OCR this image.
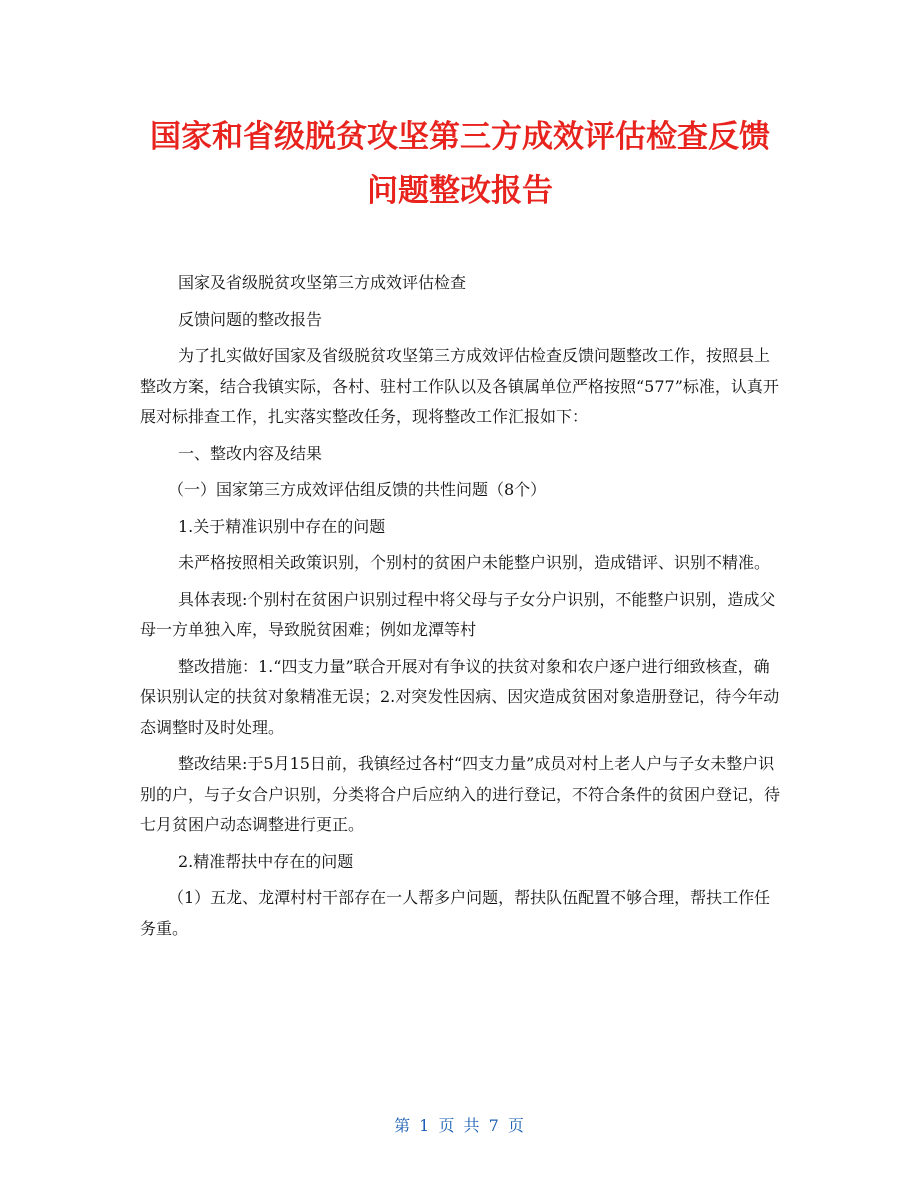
国家和省级脱贫攻坚第三方成效评估检查反馈
问题整改报告

国家及省级脱贫攻坚第三方成效评估检查

反馈问题的整改报告

为了扎实做好国家及省级脱贫攻坚第三方成效评估检查反馈问题整改工作，按照县上整改方案，结合我镇实际，各村、驻村工作队以及各镇属单位严格按照“577”标准，认真开展对标排查工作，扎实落实整改任务，现将整改工作汇报如下：

一、整改内容及结果

（一）国家第三方成效评估组反馈的共性问题（8个）

1.关于精准识别中存在的问题

未严格按照相关政策识别，个别村的贫困户未能整户识别，造成错评、识别不精准。

具体表现:个别村在贫困户识别过程中将父母与子女分户识别，不能整户识别，造成父母一方单独入库，导致脱贫困难；例如龙潭等村

整改措施：1.“四支力量”联合开展对有争议的扶贫对象和农户逐户进行细致核查，确保识别认定的扶贫对象精准无误；2.对突发性因病、因灾造成贫困对象造册登记，待今年动态调整时及时处理。

整改结果:于5月15日前，我镇经过各村“四支力量”成员对村上老人户与子女未整户识别的户，与子女合户识别，分类将合户后应纳入的进行登记，不符合条件的贫困户登记，待七月贫困户动态调整进行更正。

2.精准帮扶中存在的问题

（1）五龙、龙潭村村干部存在一人帮多户问题，帮扶队伍配置不够合理，帮扶工作任务重。

第 1 页 共 7 页
